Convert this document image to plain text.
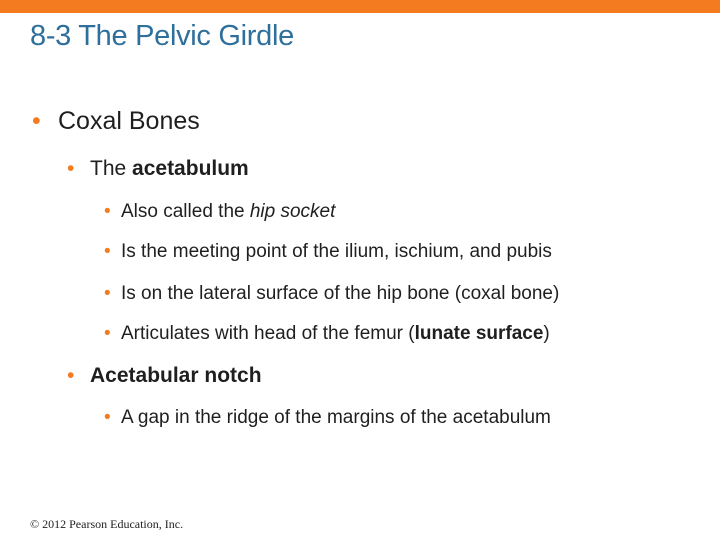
8-3 The Pelvic Girdle
• Coxal Bones
• The acetabulum
• Also called the hip socket
• Is the meeting point of the ilium, ischium, and pubis
• Is on the lateral surface of the hip bone (coxal bone)
• Articulates with head of the femur (lunate surface)
• Acetabular notch
• A gap in the ridge of the margins of the acetabulum
© 2012 Pearson Education, Inc.
